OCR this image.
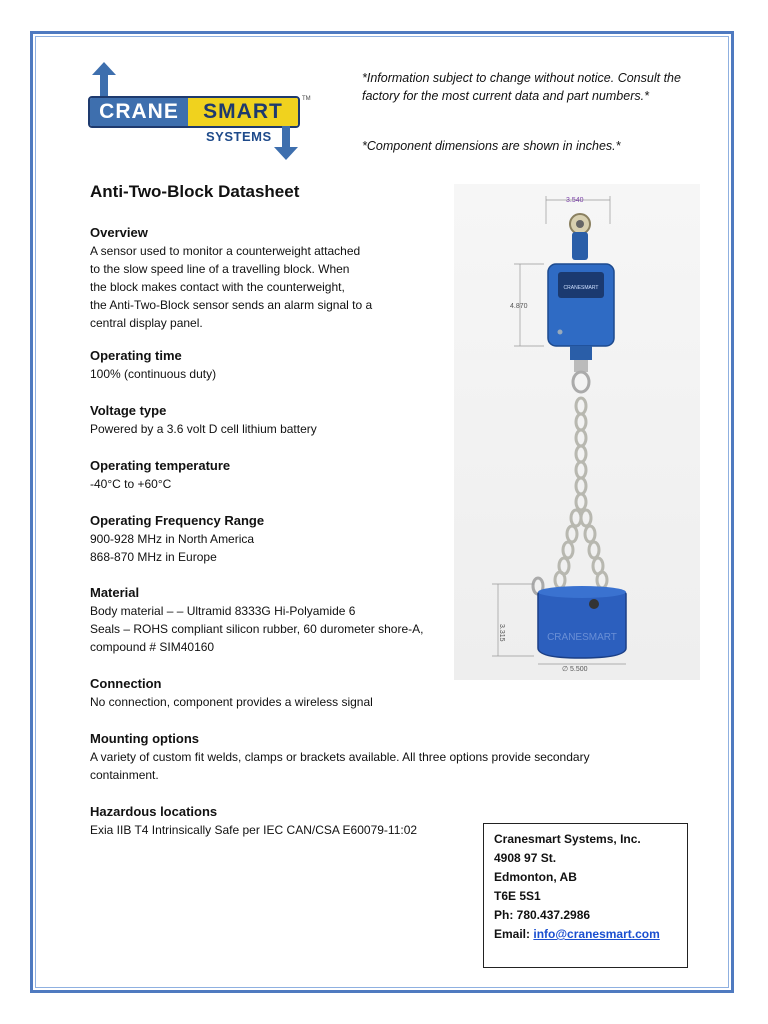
CRANE	SMART
TM
SYSTEMS
*Information subject to change without notice. Consult the factory for the most current data and part numbers.*
*Component dimensions are shown in inches.*
Anti-Two-Block Datasheet
Overview

A sensor used to monitor a counterweight attached

to the slow speed line of a travelling block. When

the block makes contact with the counterweight,

the Anti-Two-Block sensor sends an alarm signal to a

central display panel.

Operating time

100% (continuous duty)

Voltage type

Powered by a 3.6 volt D cell lithium battery

Operating temperature

-40°C to +60°C

Operating Frequency Range

900-928 MHz in North America

868-870 MHz in Europe

Material

Body material – – Ultramid 8333G Hi-Polyamide 6

Seals – ROHS compliant silicon rubber, 60 durometer shore-A,

compound # SIM40160

Connection

No connection, component provides a wireless signal

Mounting options

A variety of custom fit welds, clamps or brackets available. All three options provide secondary

containment.

Hazardous locations

Exia IIB T4 Intrinsically Safe per IEC CAN/CSA E60079-11:02

3.540
4.870
CRANESMART
3.315	CRANESMART
∅ 5.500
Cranesmart Systems, Inc.
4908 97 St.
Edmonton, AB
T6E 5S1
Ph: 780.437.2986
Email: info@cranesmart.com
